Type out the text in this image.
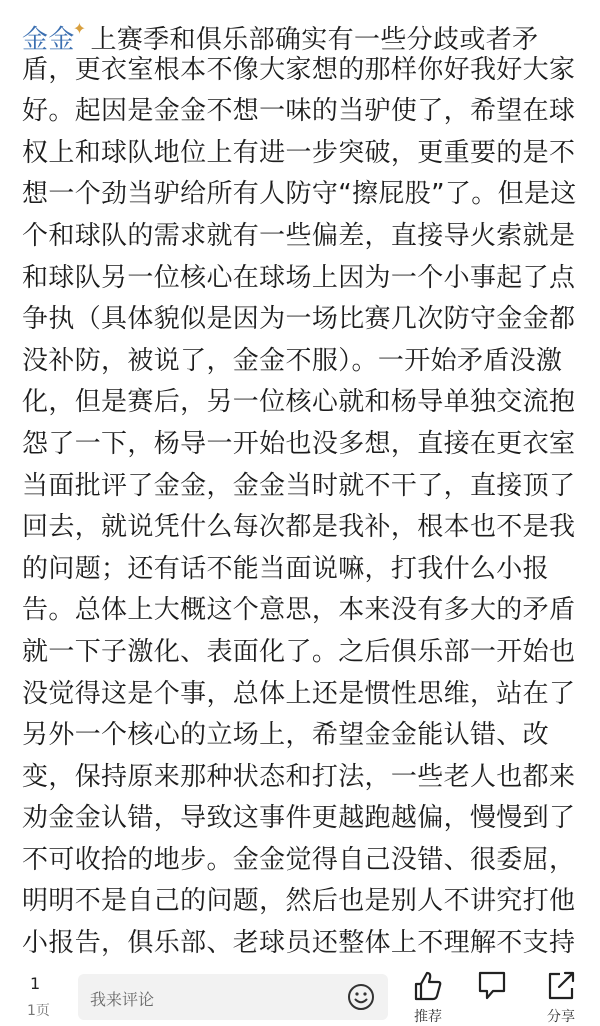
金金✦ 上赛季和俱乐部确实有一些分歧或者矛
盾，更衣室根本不像大家想的那样你好我好大家
好。起因是金金不想一味的当驴使了，希望在球
权上和球队地位上有进一步突破，更重要的是不
想一个劲当驴给所有人防守“擦屁股”了。但是这
个和球队的需求就有一些偏差，直接导火索就是
和球队另一位核心在球场上因为一个小事起了点
争执（具体貌似是因为一场比赛几次防守金金都
没补防，被说了，金金不服）。一开始矛盾没激
化，但是赛后，另一位核心就和杨导单独交流抱
怨了一下，杨导一开始也没多想，直接在更衣室
当面批评了金金，金金当时就不干了，直接顶了
回去，就说凭什么每次都是我补，根本也不是我
的问题；还有话不能当面说嘛，打我什么小报
告。总体上大概这个意思，本来没有多大的矛盾
就一下子激化、表面化了。之后俱乐部一开始也
没觉得这是个事，总体上还是惯性思维，站在了
另外一个核心的立场上，希望金金能认错、改
变，保持原来那种状态和打法，一些老人也都来
劝金金认错，导致这事件更越跑越偏，慢慢到了
不可收拾的地步。金金觉得自己没错、很委屈，
明明不是自己的问题，然后也是别人不讲究打他
小报告，俱乐部、老球员还整体上不理解不支持
1
1页
我来评论
推荐	分享
